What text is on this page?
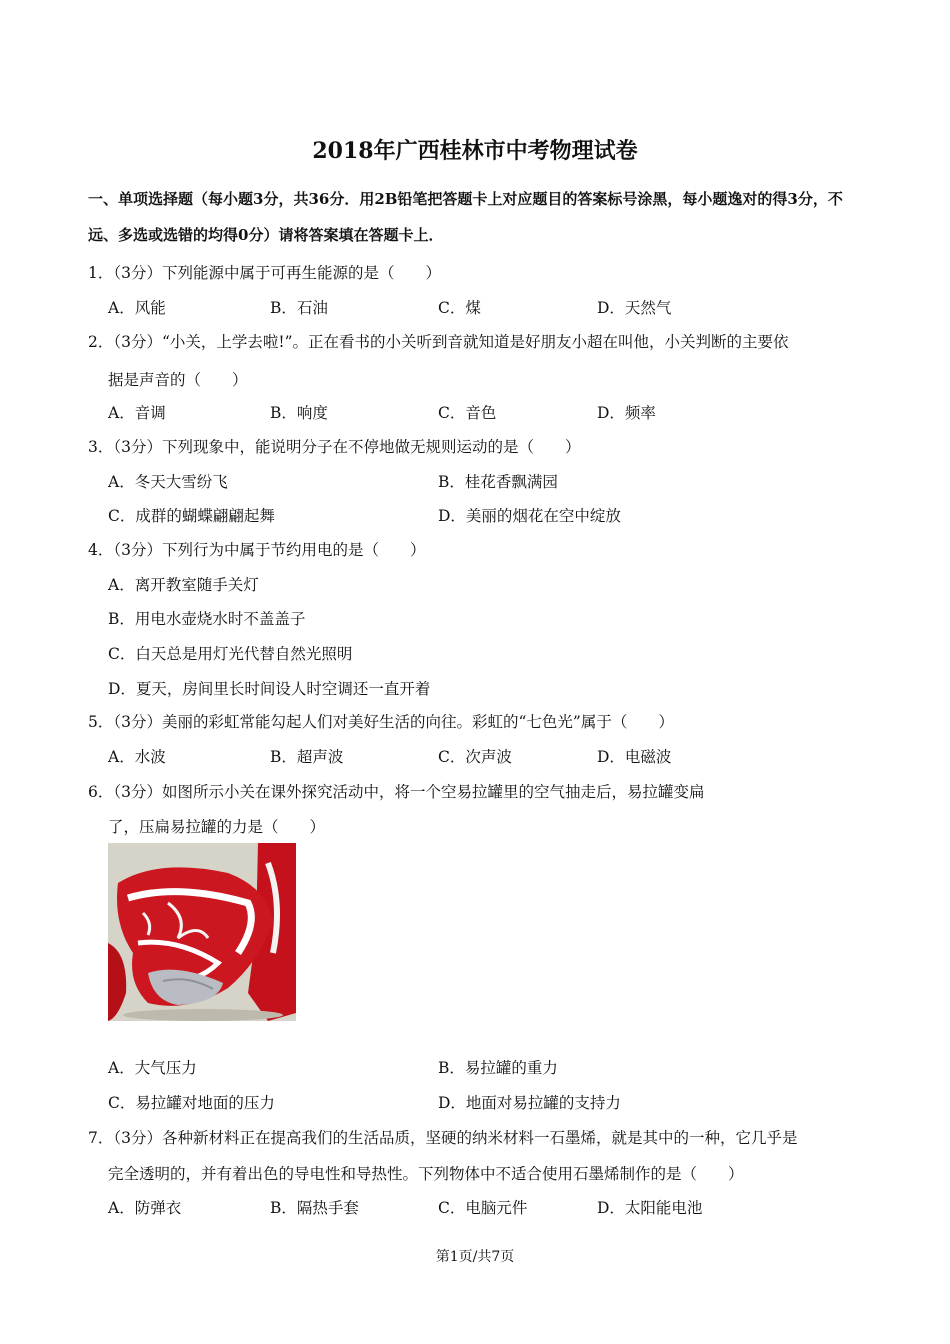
2018年广西桂林市中考物理试卷
一、单项选择题（每小题3分，共36分．用2B铅笔把答题卡上对应题目的答案标号涂黑，每小题逸对的得3分，不远、多选或选错的均得0分）请将答案填在答题卡上．
1．（3分）下列能源中属于可再生能源的是（　　）
A．风能	B．石油	C．煤	D．天然气
2．（3分）“小关，上学去啦!”。正在看书的小关听到音就知道是好朋友小超在叫他，小关判断的主要依
据是声音的（　　）
A．音调	B．响度	C．音色	D．频率
3．（3分）下列现象中，能说明分子在不停地做无规则运动的是（　　）
A．冬天大雪纷飞	B．桂花香飘满园
C．成群的蝴蝶翩翩起舞	D．美丽的烟花在空中绽放
4．（3分）下列行为中属于节约用电的是（　　）
A．离开教室随手关灯
B．用电水壶烧水时不盖盖子
C．白天总是用灯光代替自然光照明
D．夏天，房间里长时间设人时空调还一直开着
5．（3分）美丽的彩虹常能勾起人们对美好生活的向往。彩虹的“七色光”属于（　　）
A．水波	B．超声波	C．次声波	D．电磁波
6．（3分）如图所示小关在课外探究活动中，将一个空易拉罐里的空气抽走后，易拉罐变扁
了，压扁易拉罐的力是（　　）
A．大气压力	B．易拉罐的重力
C．易拉罐对地面的压力	D．地面对易拉罐的支持力
7．（3分）各种新材料正在提高我们的生活品质，坚硬的纳米材料一石墨烯，就是其中的一种，它几乎是
完全透明的，并有着出色的导电性和导热性。下列物体中不适合使用石墨烯制作的是（　　）
A．防弹衣	B．隔热手套	C．电脑元件	D．太阳能电池
第1页/共7页
